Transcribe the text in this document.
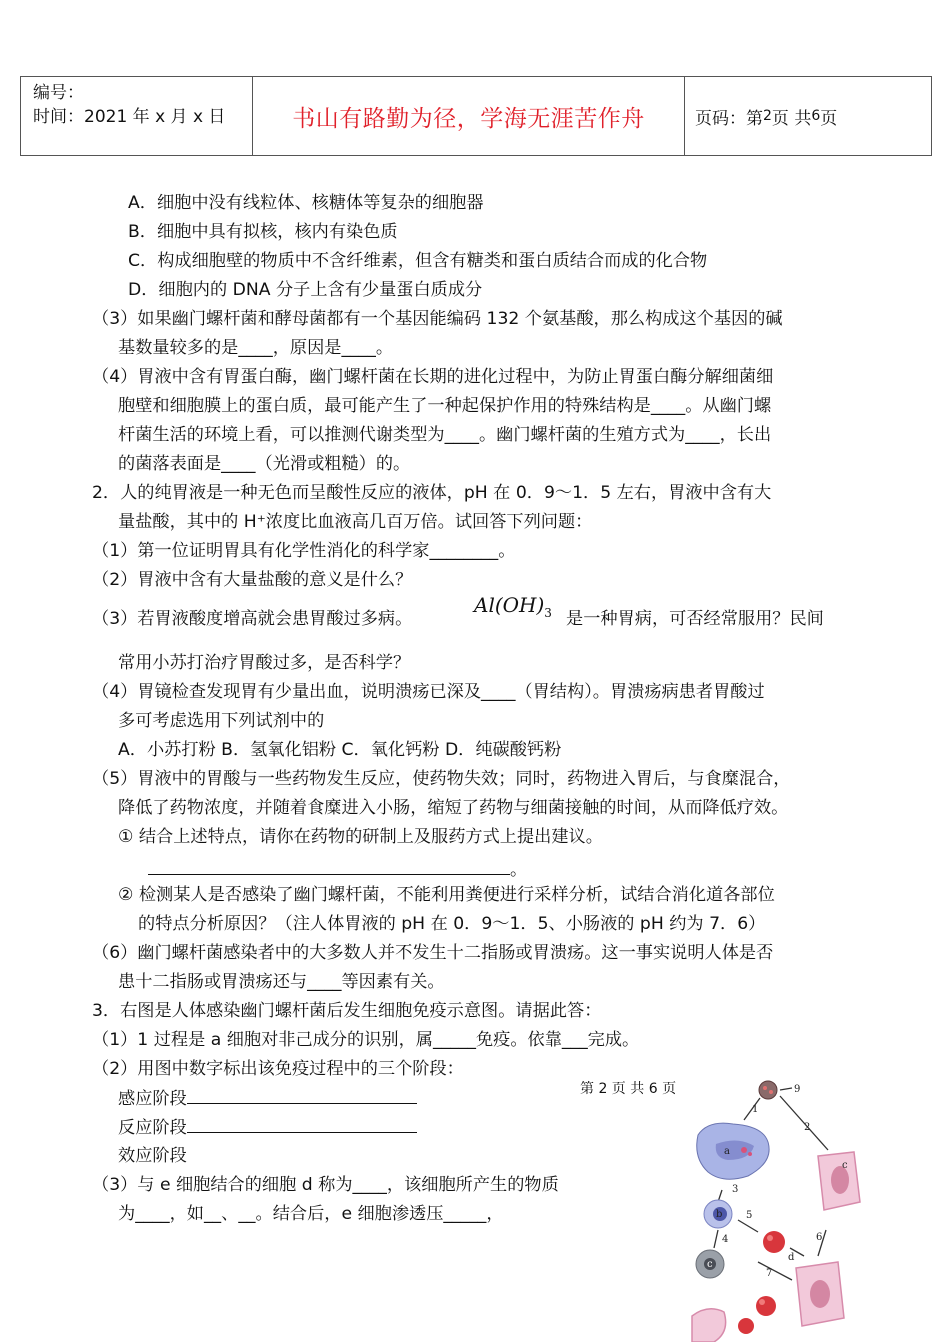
编号：
时间：2021 年 x 月 x 日	书山有路勤为径，学海无涯苦作舟	页码：第 2 页 共 6 页
A．细胞中没有线粒体、核糖体等复杂的细胞器
B．细胞中具有拟核，核内有染色质
C．构成细胞壁的物质中不含纤维素，但含有糖类和蛋白质结合而成的化合物
D．细胞内的 DNA 分子上含有少量蛋白质成分
（3）如果幽门螺杆菌和酵母菌都有一个基因能编码 132 个氨基酸，那么构成这个基因的碱
基数量较多的是____，原因是____。
（4）胃液中含有胃蛋白酶，幽门螺杆菌在长期的进化过程中，为防止胃蛋白酶分解细菌细
胞壁和细胞膜上的蛋白质，最可能产生了一种起保护作用的特殊结构是____。从幽门螺
杆菌生活的环境上看，可以推测代谢类型为____。幽门螺杆菌的生殖方式为____，长出
的菌落表面是____（光滑或粗糙）的。
2．人的纯胃液是一种无色而呈酸性反应的液体，pH 在 0．9～1．5 左右，胃液中含有大
量盐酸，其中的 H⁺浓度比血液高几百万倍。试回答下列问题：
（1）第一位证明胃具有化学性消化的科学家________。
（2）胃液中含有大量盐酸的意义是什么？
（3）若胃液酸度增高就会患胃酸过多病。
$Al(OH)_3$ 是一种胃病，可否经常服用？民间
常用小苏打治疗胃酸过多，是否科学？
（4）胃镜检查发现胃有少量出血，说明溃疡已深及____（胃结构）。胃溃疡病患者胃酸过
多可考虑选用下列试剂中的
A．小苏打粉 B．氢氧化铝粉 C．氧化钙粉 D．纯碳酸钙粉
（5）胃液中的胃酸与一些药物发生反应，使药物失效；同时，药物进入胃后，与食糜混合，
降低了药物浓度，并随着食糜进入小肠，缩短了药物与细菌接触的时间，从而降低疗效。
① 结合上述特点，请你在药物的研制上及服药方式上提出建议。
。
② 检测某人是否感染了幽门螺杆菌，不能利用粪便进行采样分析，试结合消化道各部位
的特点分析原因？（注人体胃液的 pH 在 0．9～1．5、小肠液的 pH 约为 7．6）
（6）幽门螺杆菌感染者中的大多数人并不发生十二指肠或胃溃疡。这一事实说明人体是否
患十二指肠或胃溃疡还与____等因素有关。
3．右图是人体感染幽门螺杆菌后发生细胞免疫示意图。请据此答：
（1）1 过程是 a 细胞对非己成分的识别，属_____免疫。依靠___完成。
（2）用图中数字标出该免疫过程中的三个阶段：
感应阶段
反应阶段
效应阶段
（3）与 e 细胞结合的细胞 d 称为____，该细胞所产生的物质
为____，如__、__。结合后，e 细胞渗透压_____，
第 2 页 共 6 页	9
1
2
a
c
3
b 5
6
4
d
7
c
